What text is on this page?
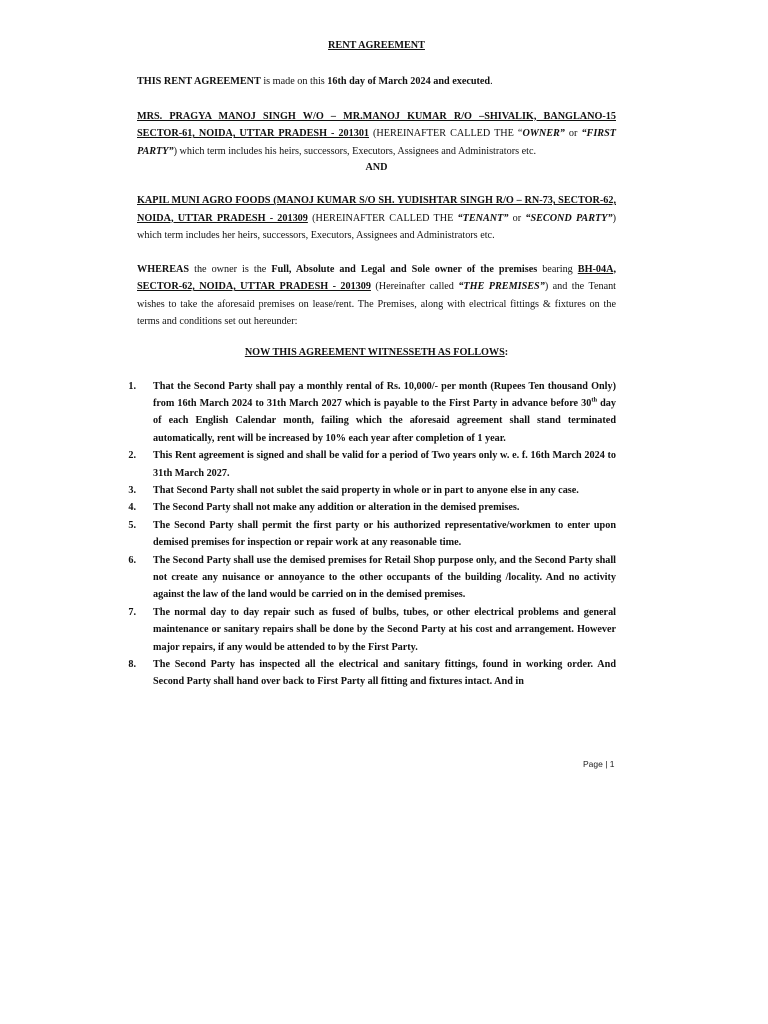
RENT AGREEMENT

THIS RENT AGREEMENT is made on this 16th day of March 2024 and executed.

MRS. PRAGYA MANOJ SINGH W/O – MR.MANOJ KUMAR R/O –SHIVALIK, BANGLANO-15 SECTOR-61, NOIDA, UTTAR PRADESH - 201301 (HEREINAFTER CALLED THE “OWNER” or “FIRST PARTY”) which term includes his heirs, successors, Executors, Assignees and Administrators etc.

AND

KAPIL MUNI AGRO FOODS (MANOJ KUMAR S/O SH. YUDISHTAR SINGH R/O – RN-73, SECTOR-62, NOIDA, UTTAR PRADESH - 201309 (HEREINAFTER CALLED THE “TENANT” or “SECOND PARTY”) which term includes her heirs, successors, Executors, Assignees and Administrators etc.

WHEREAS the owner is the Full, Absolute and Legal and Sole owner of the premises bearing BH-04A, SECTOR-62, NOIDA, UTTAR PRADESH - 201309 (Hereinafter called “THE PREMISES”) and the Tenant wishes to take the aforesaid premises on lease/rent. The Premises, along with electrical fittings & fixtures on the terms and conditions set out hereunder:

NOW THIS AGREEMENT WITNESSETH AS FOLLOWS:
1.	That the Second Party shall pay a monthly rental of Rs. 10,000/- per month (Rupees Ten thousand Only) from 16th March 2024 to 31th March 2027 which is payable to the First Party in advance before 30th day of each English Calendar month, failing which the aforesaid agreement shall stand terminated automatically, rent will be increased by 10% each year after completion of 1 year.
2.	This Rent agreement is signed and shall be valid for a period of Two years only w. e. f. 16th March 2024 to 31th March 2027.
3.	That Second Party shall not sublet the said property in whole or in part to anyone else in any case.
4.	The Second Party shall not make any addition or alteration in the demised premises.
5.	The Second Party shall permit the first party or his authorized representative/workmen to enter upon demised premises for inspection or repair work at any reasonable time.
6.	The Second Party shall use the demised premises for Retail Shop purpose only, and the Second Party shall not create any nuisance or annoyance to the other occupants of the building /locality. And no activity against the law of the land would be carried on in the demised premises.
7.	The normal day to day repair such as fused of bulbs, tubes, or other electrical problems and general maintenance or sanitary repairs shall be done by the Second Party at his cost and arrangement. However major repairs, if any would be attended to by the First Party.
8.	The Second Party has inspected all the electrical and sanitary fittings, found in working order. And Second Party shall hand over back to First Party all fitting and fixtures intact. And in
Page | 1
